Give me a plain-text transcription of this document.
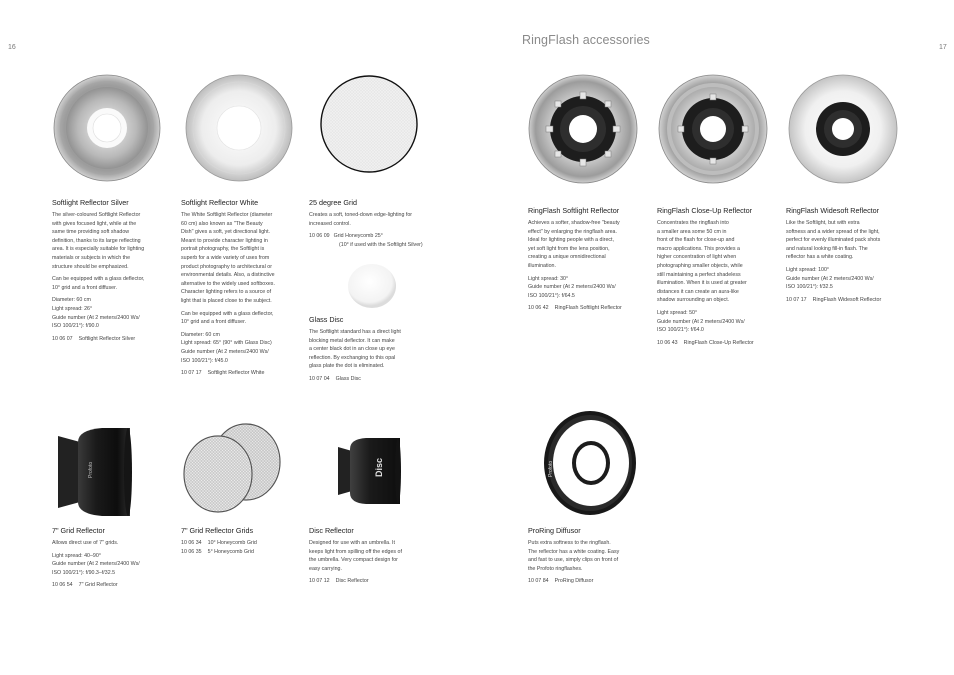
16	17
RingFlash accessories
Profoto	Disc	Profoto
Softlight Reflector Silver
The silver-coloured Softlight Reflector
with gives focused light, while at the
same time providing soft shadow
definition, thanks to its large reflecting
area. It is especially suitable for lighting
materials or subjects in which the
structure should be emphasized.
Can be equipped with a glass deflector,
10° grid and a front diffuser.
Diameter: 60 cm
Light spread: 26°
Guide number (At 2 meters/2400 Ws/
ISO 100/21°): f/90.0
10 06 07 Softlight Reflector Silver
Softlight Reflector White
The White Softlight Reflector (diameter
60 cm) also known as "The Beauty
Dish" gives a soft, yet directional light.
Meant to provide character lighting in
portrait photography, the Softlight is
superb for a wide variety of uses from
product photography to architectural or
environmental details. Also, a distinctive
alternative to the widely used softboxes.
Character lighting refers to a source of
light that is placed close to the subject.
Can be equipped with a glass deflector,
10° grid and a front diffuser.
Diameter: 60 cm
Light spread: 65° (90° with Glass Disc)
Guide number (At 2 meters/2400 Ws/
ISO 100/21°): f/45.0
10 07 17 Softlight Reflector White
25 degree Grid
Creates a soft, toned-down edge-lighting for
increased control.
10 06 09 Grid Honeycomb 25°
(10° if used with the Softlight Silver)
Glass Disc
The Softlight standard has a direct light
blocking metal deflector. It can make
a center black dot in an close up eye
reflection. By exchanging to this opal
glass plate the dot is eliminated.
10 07 04 Glass Disc
RingFlash Softlight Reflector
Achieves a softer, shadow-free "beauty
effect" by enlarging the ringflash area.
Ideal for lighting people with a direct,
yet soft light from the lens position,
creating a unique omnidirectional
illumination.
Light spread: 30°
Guide number (At 2 meters/2400 Ws/
ISO 100/21°): f/64.5
10 06 42 RingFlash Softlight Reflector
RingFlash Close-Up Reflector
Concentrates the ringflash into
a smaller area some 50 cm in
front of the flash for close-up and
macro applications. This provides a
higher concentration of light when
photographing smaller objects, while
still maintaining a perfect shadeless
illumination. When it is used at greater
distances it can create an aura-like
shadow surrounding an object.
Light spread: 50°
Guide number (At 2 meters/2400 Ws/
ISO 100/21°): f/64.0
10 06 43 RingFlash Close-Up Reflector
RingFlash Widesoft Reflector
Like the Softlight, but with extra
softness and a wider spread of the light,
perfect for evenly illuminated pack shots
and natural looking fill-in flash. The
reflector has a white coating.
Light spread: 100°
Guide number (At 2 meters/2400 Ws/
ISO 100/21°): f/32.5
10 07 17 RingFlash Widesoft Reflector
7" Grid Reflector
Allows direct use of 7" grids.
Light spread: 40–90°
Guide number (At 2 meters/2400 Ws/
ISO 100/21°): f/90.3–f/32.5
10 06 54 7" Grid Reflector
7" Grid Reflector Grids
10 06 34 10° Honeycomb Grid
10 06 35 5° Honeycomb Grid
Disc Reflector
Designed for use with an umbrella. It
keeps light from spilling off the edges of
the umbrella. Very compact design for
easy carrying.
10 07 12 Disc Reflector
ProRing Diffusor
Puts extra softness to the ringflash.
The reflector has a white coating. Easy
and fast to use, simply clips on front of
the Profoto ringflashes.
10 07 84 ProRing Diffusor
